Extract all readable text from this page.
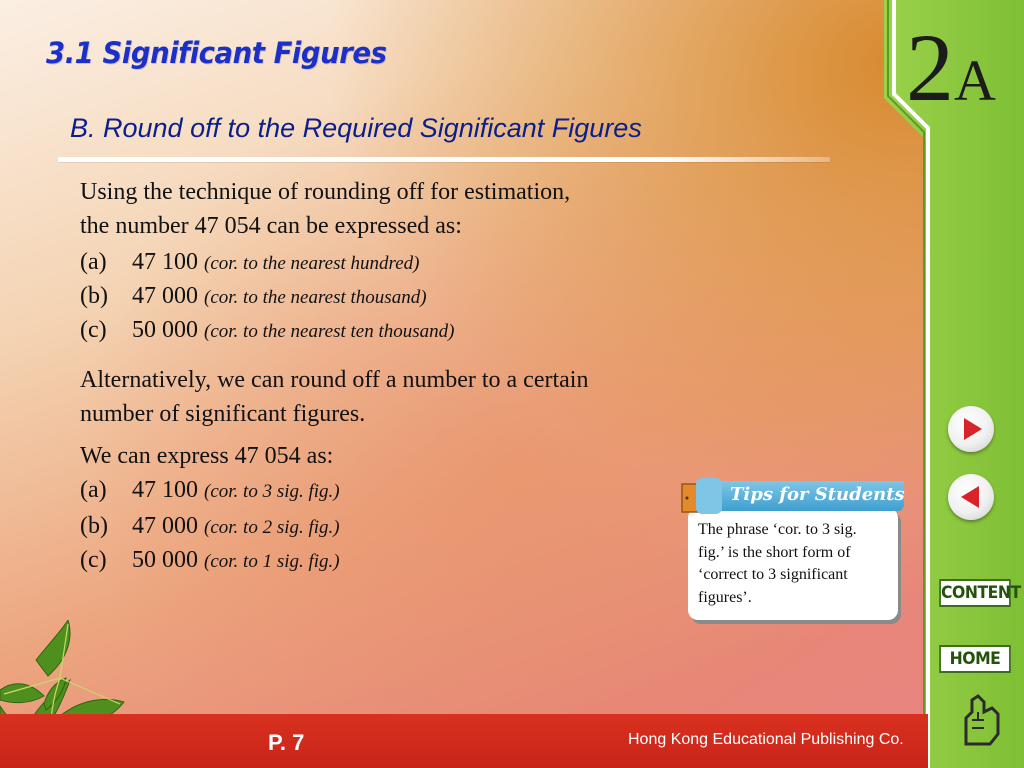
2A
CONTENT
HOME
3.1 Significant Figures
B. Round off to the Required Significant Figures
Using the technique of rounding off for estimation,
the number 47 054 can be expressed as:
(a) 47 100 (cor. to the nearest hundred)
(b) 47 000 (cor. to the nearest thousand)
(c) 50 000 (cor. to the nearest ten thousand)
Alternatively, we can round off a number to a certain
number of significant figures.
We can express 47 054 as:
(a) 47 100 (cor. to 3 sig. fig.)
(b) 47 000 (cor. to 2 sig. fig.)
(c) 50 000 (cor. to 1 sig. fig.)
Tips for Students
The phrase ‘cor. to 3 sig.
fig.’ is the short form of
‘correct to 3 significant
figures’.
P. 7	Hong Kong Educational Publishing Co.
